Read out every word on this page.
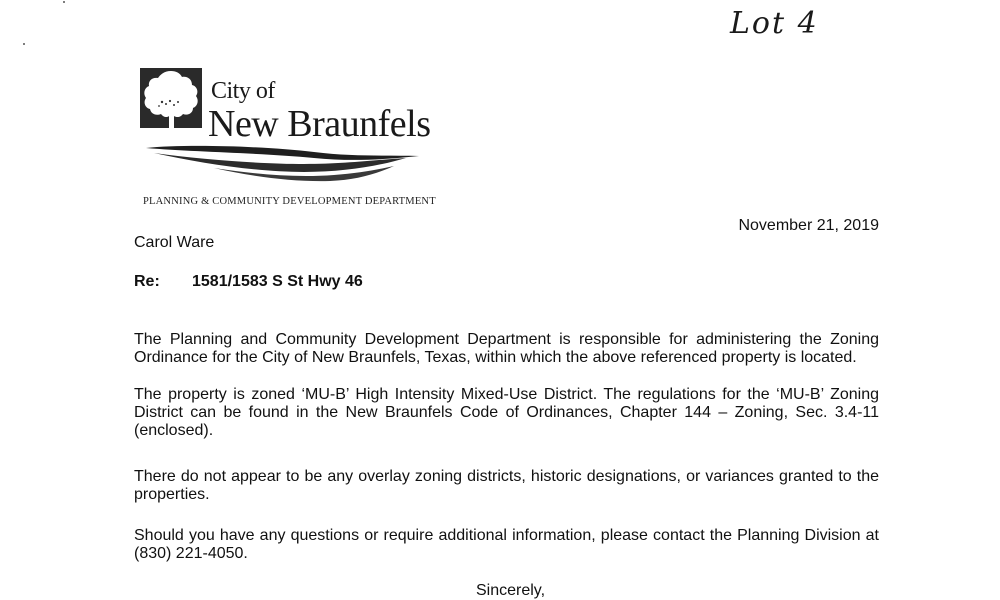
Lot 4
City of
New Braunfels
PLANNING & COMMUNITY DEVELOPMENT DEPARTMENT
November 21, 2019
Carol Ware
Re: 1581/1583 S St Hwy 46
The Planning and Community Development Department is responsible for administering the Zoning Ordinance for the City of New Braunfels, Texas, within which the above referenced property is located.
The property is zoned ‘MU-B’ High Intensity Mixed-Use District. The regulations for the ‘MU-B’ Zoning District can be found in the New Braunfels Code of Ordinances, Chapter 144 – Zoning, Sec. 3.4-11 (enclosed).
There do not appear to be any overlay zoning districts, historic designations, or variances granted to the properties.
Should you have any questions or require additional information, please contact the Planning Division at (830) 221-4050.
Sincerely,
